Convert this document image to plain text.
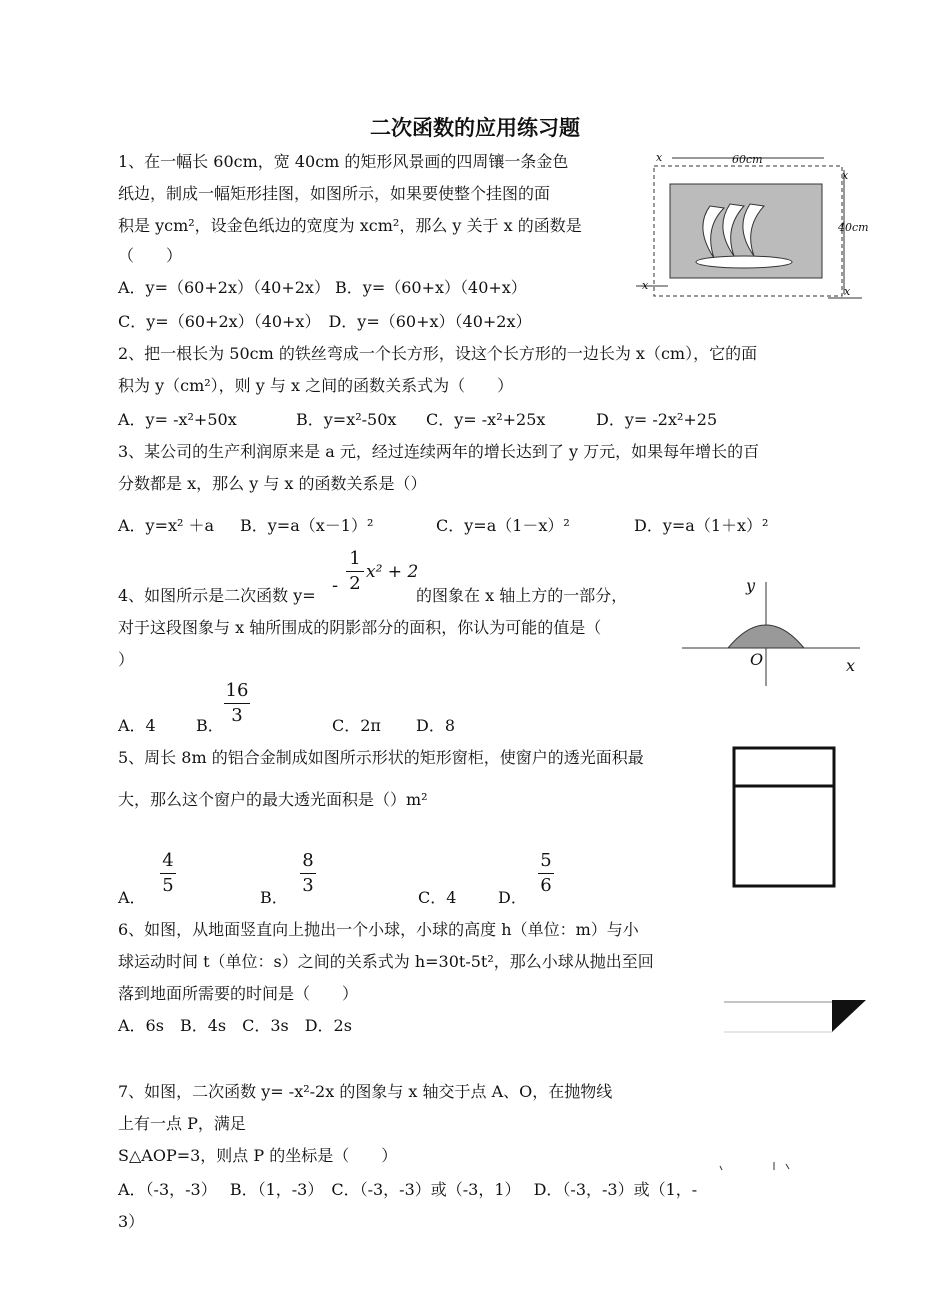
二次函数的应用练习题
1、在一幅长 60cm，宽 40cm 的矩形风景画的四周镶一条金色
纸边，制成一幅矩形挂图，如图所示，如果要使整个挂图的面
积是 ycm²，设金色纸边的宽度为 xcm²，那么 y 关于 x 的函数是
（　　）
A．y=（60+2x）（40+2x） B．y=（60+x）（40+x）
C．y=（60+2x）（40+x）　D．y=（60+x）（40+2x）
60cm
40cm
x
x
x	x
2、把一根长为 50cm 的铁丝弯成一个长方形，设这个长方形的一边长为 x（cm），它的面
积为 y（cm²），则 y 与 x 之间的函数关系式为（　　）
A．y= -x²+50x	B．y=x²-50x C．y= -x²+25x	D．y= -2x²+25
3、某公司的生产利润原来是 a 元，经过连续两年的增长达到了 y 万元，如果每年增长的百
分数都是 x，那么 y 与 x 的函数关系是（）
A．y=x² ＋a B．y=a（x－1）²	C．y=a（1－x）²	D．y=a（1＋x）²
4、如图所示是二次函数 y= -
1
2
x² + 2
的图象在 x 轴上方的一部分，
对于这段图象与 x 轴所围成的阴影部分的面积，你认为可能的值是（
）
A．4	B．
16
3	C．2π D．8
y
O	x
5、周长 8m 的铝合金制成如图所示形状的矩形窗柜，使窗户的透光面积最
大，那么这个窗户的最大透光面积是（）m²
A．
4
5
B．
8
3
C．4	D．
5
6
6、如图，从地面竖直向上抛出一个小球，小球的高度 h（单位：m）与小
球运动时间 t（单位：s）之间的关系式为 h=30t-5t²，那么小球从抛出至回
落到地面所需要的时间是（　　）
A．6s　B．4s　C．3s　D．2s
7、如图，二次函数 y= -x²-2x 的图象与 x 轴交于点 A、O，在抛物线
上有一点 P，满足
S△AOP=3，则点 P 的坐标是（　　）
A．（-3，-3）　 B．（1，-3）　C．（-3，-3）或（-3，1）　 D．（-3，-3）或（1，-
3）
